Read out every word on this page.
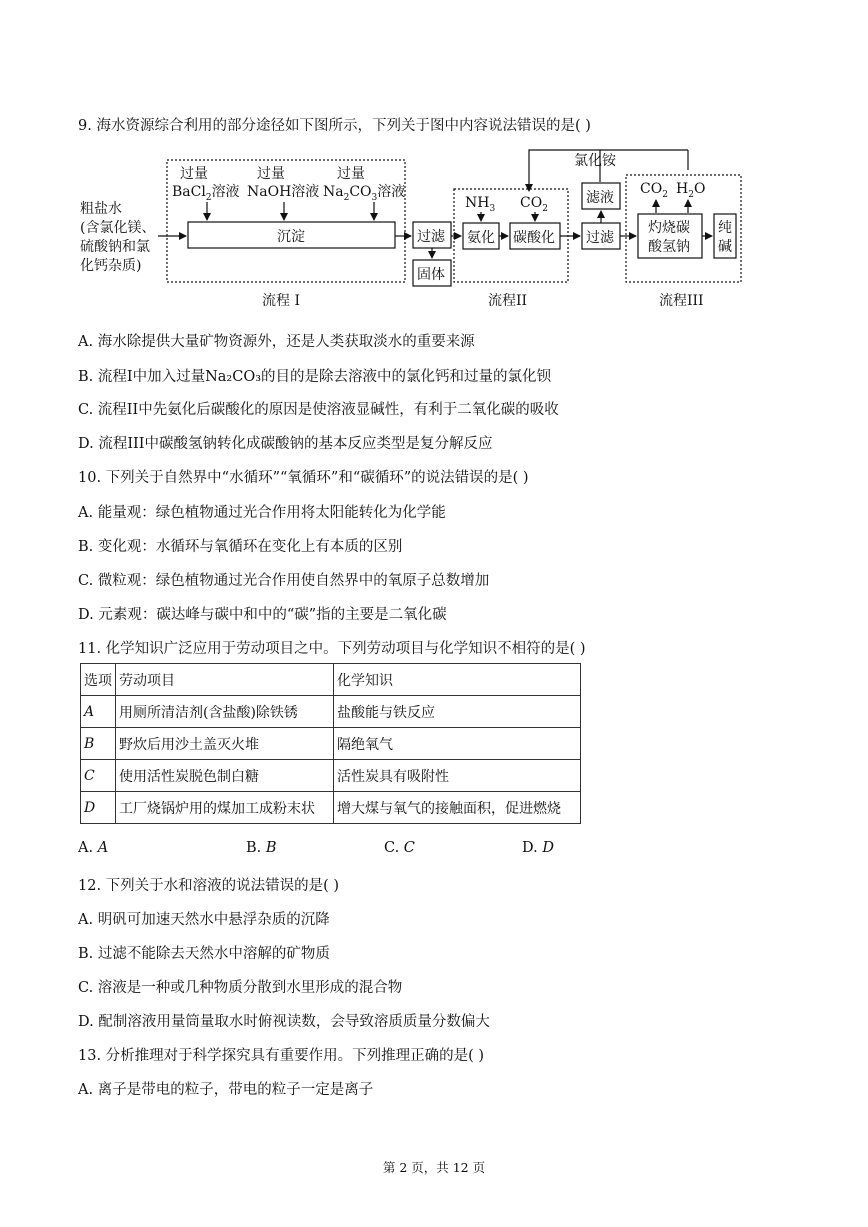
9. 海水资源综合利用的部分途径如下图所示，下列关于图中内容说法错误的是( )
粗盐水
(含氯化镁、
硫酸钠和氯
化钙杂质)
过量
BaCl$_2$溶液
过量
NaOH溶液
过量
$Na_2CO_3$溶液
沉淀	过滤
固体
$NH_3$ $CO_2$
氨化 碳酸化
氯化铵
过滤
滤液
$CO_2$ $H_2O$
灼烧碳
酸氢钠
纯
碱
流程 I	流程II	流程III
A. 海水除提供大量矿物资源外，还是人类获取淡水的重要来源
B. 流程I中加入过量Na₂CO₃的目的是除去溶液中的氯化钙和过量的氯化钡
C. 流程II中先氨化后碳酸化的原因是使溶液显碱性，有利于二氧化碳的吸收
D. 流程III中碳酸氢钠转化成碳酸钠的基本反应类型是复分解反应
10. 下列关于自然界中“水循环”“氧循环”和“碳循环”的说法错误的是( )
A. 能量观：绿色植物通过光合作用将太阳能转化为化学能
B. 变化观：水循环与氧循环在变化上有本质的区别
C. 微粒观：绿色植物通过光合作用使自然界中的氧原子总数增加
D. 元素观：碳达峰与碳中和中的“碳”指的主要是二氧化碳
11. 化学知识广泛应用于劳动项目之中。下列劳动项目与化学知识不相符的是( )
选项	劳动项目	化学知识
A	用厕所清洁剂(含盐酸)除铁锈	盐酸能与铁反应
B	野炊后用沙土盖灭火堆	隔绝氧气
C	使用活性炭脱色制白糖	活性炭具有吸附性
D	工厂烧锅炉用的煤加工成粉末状	增大煤与氧气的接触面积，促进燃烧
A. A	B. B	C. C	D. D
12. 下列关于水和溶液的说法错误的是( )
A. 明矾可加速天然水中悬浮杂质的沉降
B. 过滤不能除去天然水中溶解的矿物质
C. 溶液是一种或几种物质分散到水里形成的混合物
D. 配制溶液用量筒量取水时俯视读数，会导致溶质质量分数偏大
13. 分析推理对于科学探究具有重要作用。下列推理正确的是( )
A. 离子是带电的粒子，带电的粒子一定是离子
第 2 页，共 12 页
